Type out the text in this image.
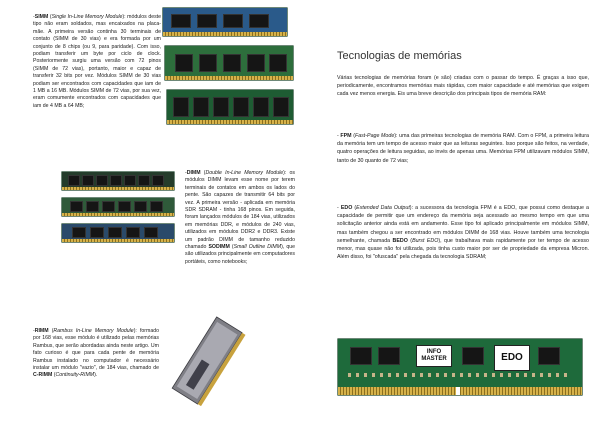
-SIMM (Single In-Line Memory Module): módulos deste tipo não eram soldados, mas encaixados na placa-mãe. A primeira versão continha 30 terminais de contato (SIMM de 30 vias) e era formada por um conjunto de 8 chips (ou 9, para paridade). Com isso, podiam transferir um byte por ciclo de clock. Posteriormente surgiu uma versão com 72 pinos (SIMM de 72 vias), portanto, maior e capaz de transferir 32 bits por vez. Módulos SIMM de 30 vias podiam ser encontrados com capacidades que iam de 1 MB a 16 MB. Módulos SIMM de 72 vias, por sua vez, eram comumente encontrados com capacidades que iam de 4 MB a 64 MB;

-DIMM (Double In-Line Memory Module): os módulos DIMM levam esse nome por terem terminais de contatos em ambos os lados do pente. São capazes de transmitir 64 bits por vez. A primeira versão - aplicada em memória SDR SDRAM - tinha 168 pinos. Em seguida, foram lançados módulos de 184 vias, utilizados em memórias DDR, e módulos de 240 vias, utilizados em módulos DDR2 e DDR3. Existe um padrão DIMM de tamanho reduzido chamado SODIMM (Small Outline DIMM), que são utilizados principalmente em computadores portáteis, como notebooks;

-RIMM (Rambus In-Line Memory Module): formado por 168 vias, esse módulo é utilizado pelas memórias Rambus, que serão abordadas ainda neste artigo. Um fato curioso é que para cada pente de memória Rambus instalado no computador é necessário instalar um módulo "vazio", de 184 vias, chamado de C-RIMM (Continuity-RIMM).

Tecnologias de memórias

Várias tecnologias de memórias foram (e são) criadas com o passar do tempo. É graças a isso que, periodicamente, encontramos memórias mais rápidas, com maior capacidade e até memórias que exigem cada vez menos energia. Eis uma breve descrição dos principais tipos de memória RAM:

- FPM (Fast-Page Mode): uma das primeiras tecnologias de memória RAM. Com o FPM, a primeira leitura da memória tem um tempo de acesso maior que as leituras seguintes. Isso porque são feitos, na verdade, quatro operações de leitura seguidas, ao invés de apenas uma. Memórias FPM utilizavam módulos SIMM, tanto de 30 quanto de 72 vias;

- EDO (Extended Data Output): a sucessora da tecnologia FPM é a EDO, que possui como destaque a capacidade de permitir que um endereço da memória seja acessado ao mesmo tempo em que uma solicitação anterior ainda está em andamento. Esse tipo foi aplicado principalmente em módulos SIMM, mas também chegou a ser encontrado em módulos DIMM de 168 vias. Houve também uma tecnologia semelhante, chamada BEDO (Burst EDO), que trabalhava mais rapidamente por ter tempo de acesso menor, mas quase não foi utilizada, pois tinha custo maior por ser de propriedade da empresa Micron. Além disso, foi "ofuscada" pela chegada da tecnologia SDRAM;

INFO
MASTER	EDO
